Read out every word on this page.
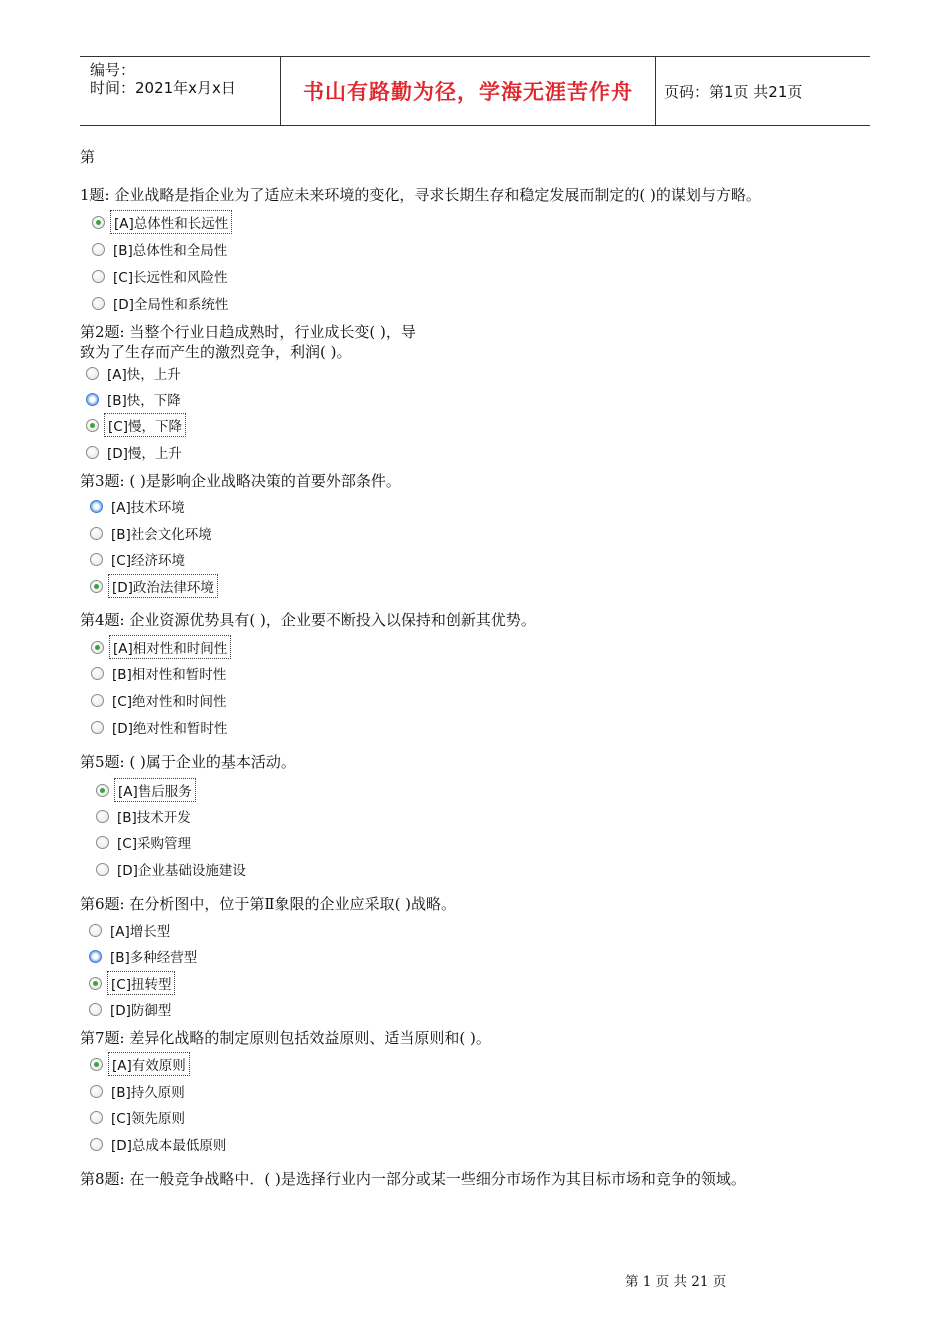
编号：
时间：2021年x月x日	书山有路勤为径，学海无涯苦作舟	页码：第1页 共21页
第
1题: 企业战略是指企业为了适应未来环境的变化，寻求长期生存和稳定发展而制定的( )的谋划与方略。
[A]总体性和长远性
[B]总体性和全局性
[C]长远性和风险性
[D]全局性和系统性
第2题: 当整个行业日趋成熟时，行业成长变( )，导
致为了生存而产生的激烈竞争，利润( )。
[A]快，上升
[B]快，下降
[C]慢，下降
[D]慢，上升
第3题: ( )是影响企业战略决策的首要外部条件。
[A]技术环境
[B]社会文化环境
[C]经济环境
[D]政治法律环境
第4题: 企业资源优势具有( )，企业要不断投入以保持和创新其优势。
[A]相对性和时间性
[B]相对性和暂时性
[C]绝对性和时间性
[D]绝对性和暂时性
第5题: ( )属于企业的基本活动。
[A]售后服务
[B]技术开发
[C]采购管理
[D]企业基础设施建设
第6题: 在分析图中，位于第Ⅱ象限的企业应采取( )战略。
[A]增长型
[B]多种经营型
[C]扭转型
[D]防御型
第7题: 差异化战略的制定原则包括效益原则、适当原则和( )。
[A]有效原则
[B]持久原则
[C]领先原则
[D]总成本最低原则
第8题: 在一般竞争战略中．( )是选择行业内一部分或某一些细分市场作为其目标市场和竞争的领域。
第 1 页 共 21 页
